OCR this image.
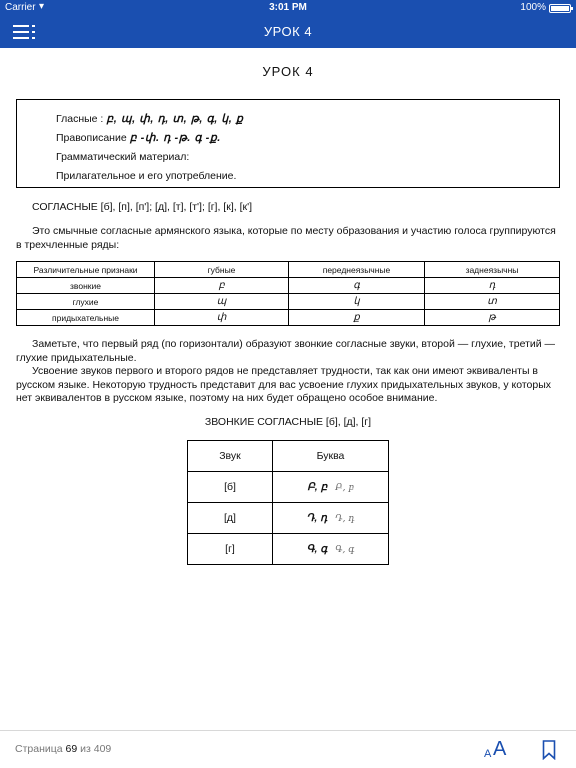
Carrier ▾	3:01 PM	100%
УРОК 4
УРОК 4
Гласные : բ, պ, փ, դ, տ, թ, գ, կ, ք
Правописание բ -փ. դ -թ. գ -ք.
Грамматический материал:
Прилагательное и его употребление.
СОГЛАСНЫЕ [б], [п], [п']; [д], [т], [т']; [г], [к], [к']
Это смычные согласные армянского языка, которые по месту образования и участию голоса группируются в трехчленные ряды:
Различительные признаки	губные	переднеязычные	заднеязычны
звонкие	բ	գ	դ
глухие	պ	կ	տ
придыхательные	փ	ք	թ
Заметьте, что первый ряд (по горизонтали) образуют звонкие согласные звуки, второй — глухие, третий — глухие придыхательные.
Усвоение звуков первого и второго рядов не представляет трудности, так как они имеют эквиваленты в русском языке. Некоторую трудность представит для вас усвоение глухих придыхательных звуков, у которых нет эквивалентов в русском языке, поэтому на них будет обращено особое внимание.
ЗВОНКИЕ СОГЛАСНЫЕ [б], [д], [г]
Звук	Буква
[б]	Բ, բ Բ, բ
[д]	Դ, դ Դ, դ
[г]	Գ, գ Գ, գ
Страница 69 из 409	A A
